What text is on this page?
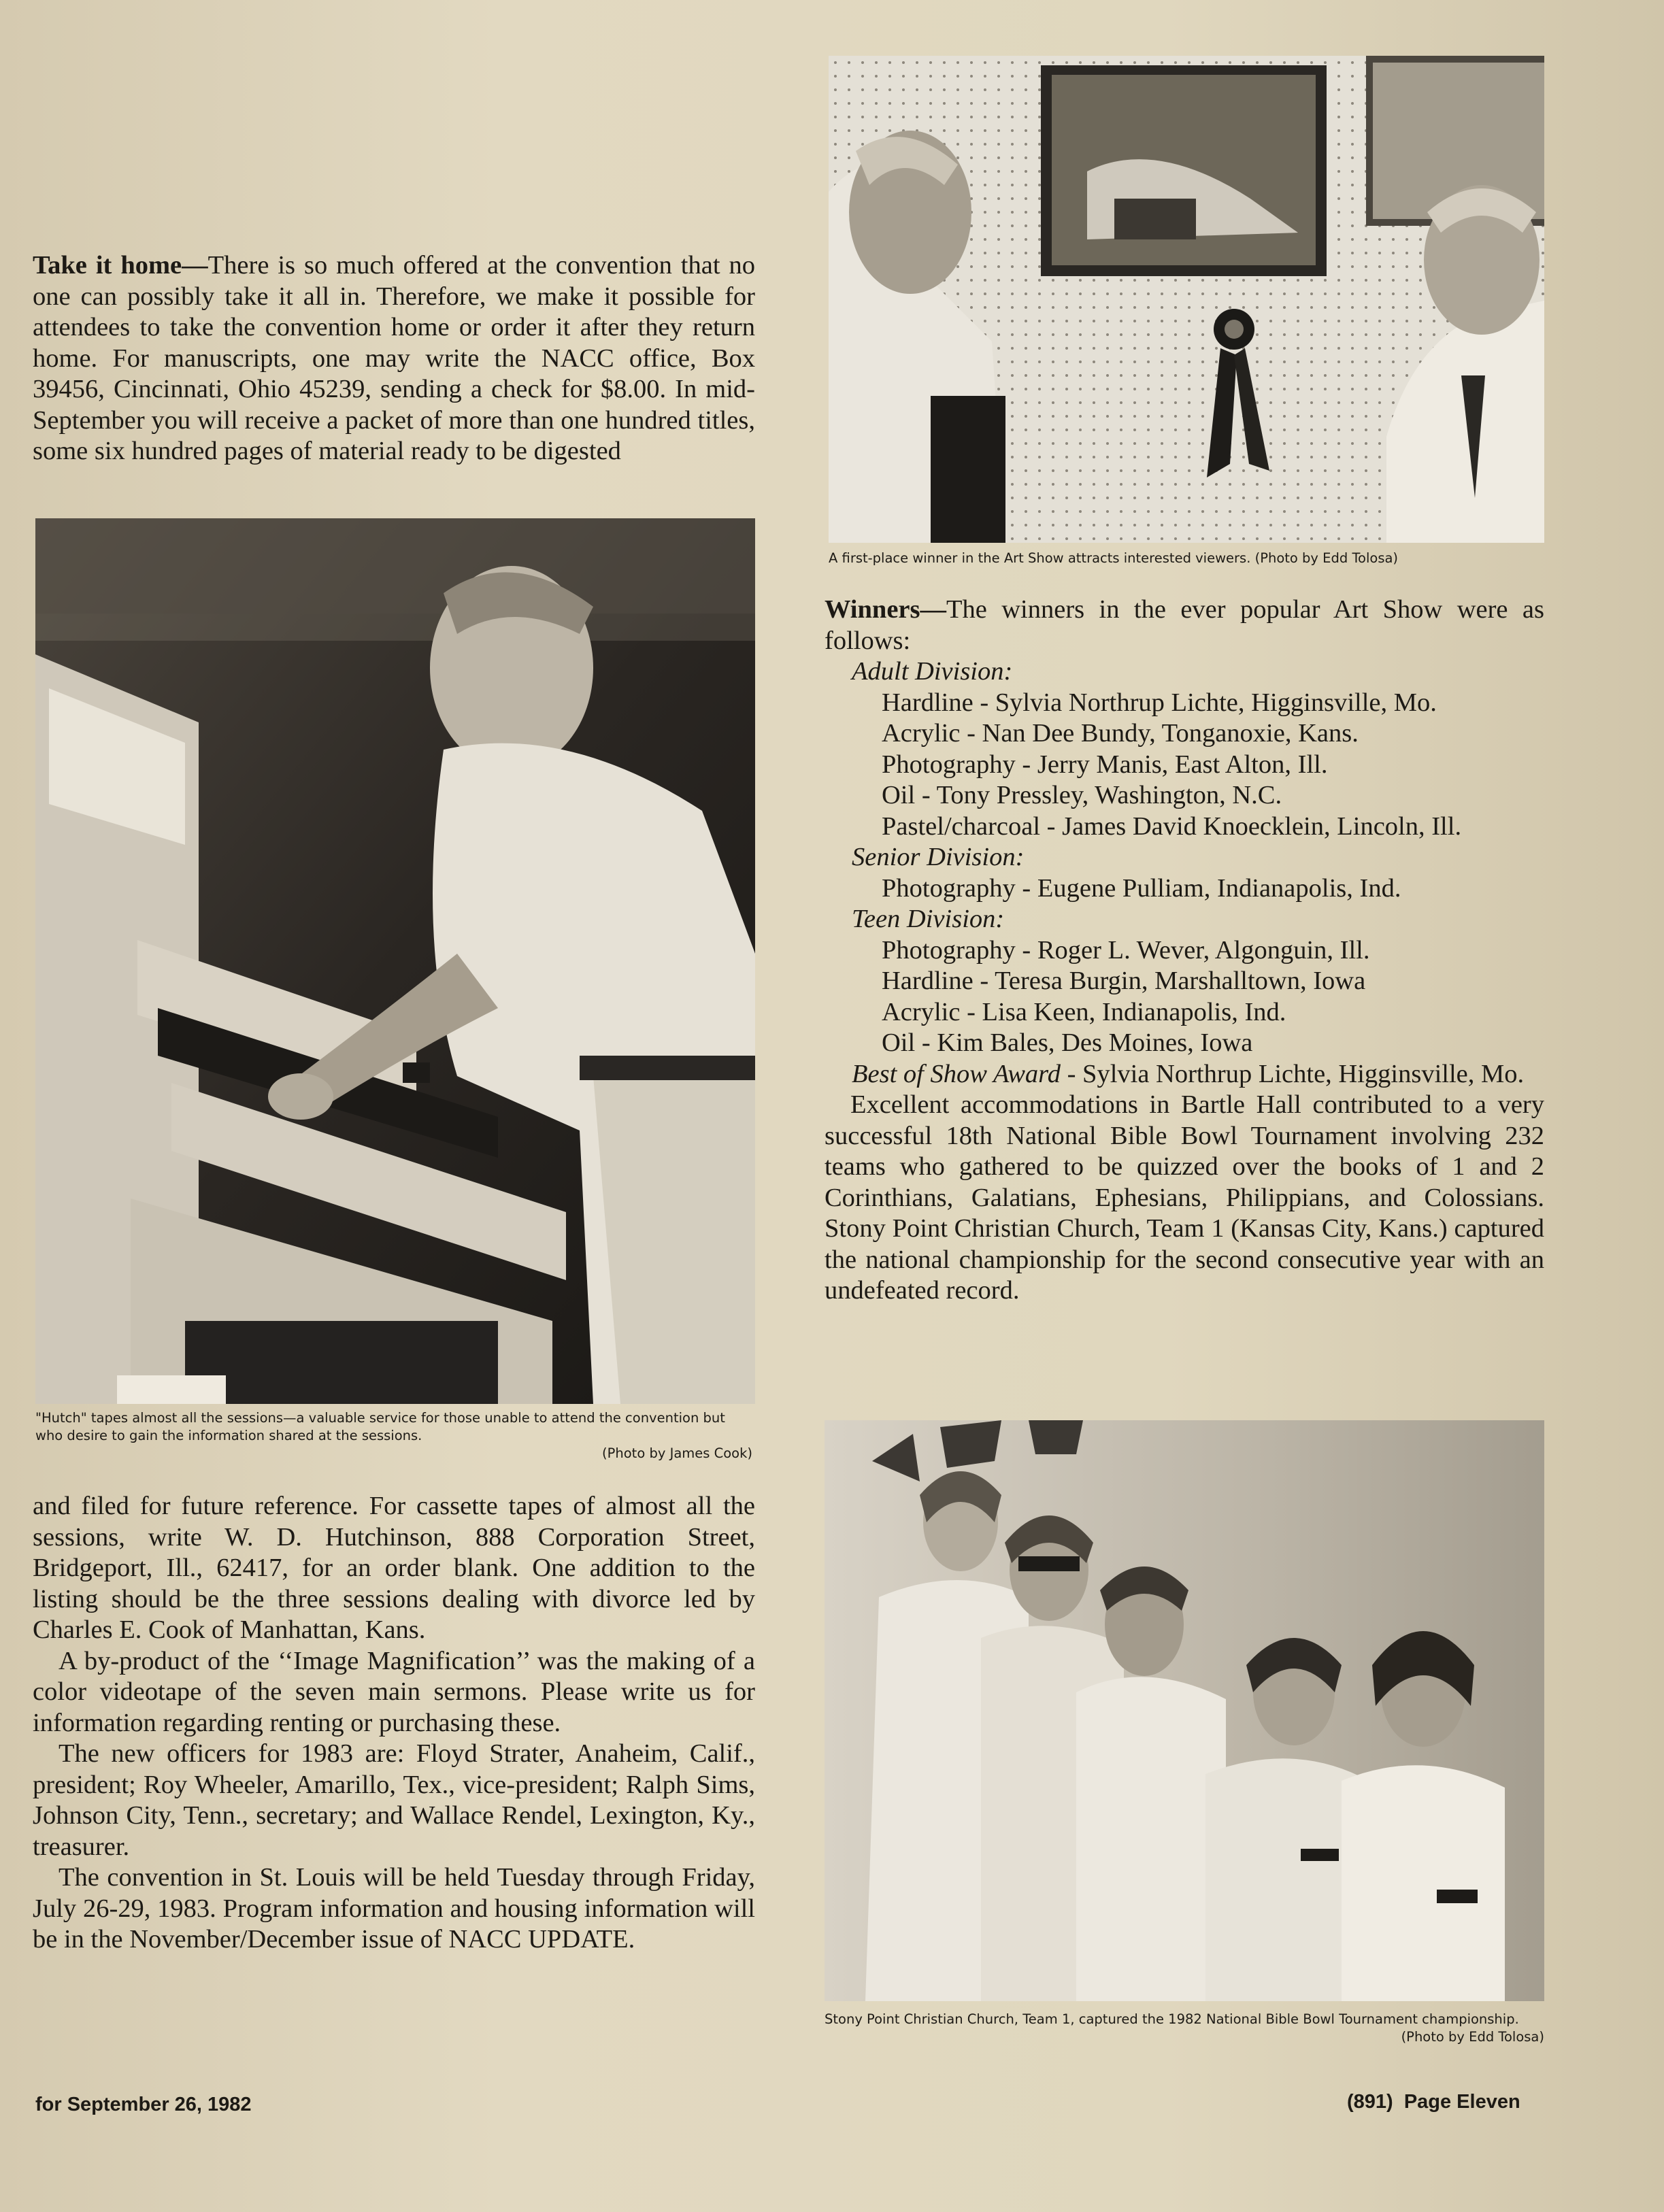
Take it home—There is so much offered at the convention that no one can possibly take it all in. Therefore, we make it possible for attendees to take the convention home or order it after they return home. For manuscripts, one may write the NACC office, Box 39456, Cincinnati, Ohio 45239, sending a check for $8.00. In mid-September you will receive a packet of more than one hundred titles, some six hundred pages of material ready to be digested

"Hutch" tapes almost all the sessions—a valuable service for those unable to attend the convention but who desire to gain the information shared at the sessions.

(Photo by James Cook)

and filed for future reference. For cassette tapes of almost all the sessions, write W. D. Hutchinson, 888 Corporation Street, Bridgeport, Ill., 62417, for an order blank. One addition to the listing should be the three sessions dealing with divorce led by Charles E. Cook of Manhattan, Kans.

A by-product of the ‘‘Image Magnification’’ was the making of a color videotape of the seven main sermons. Please write us for information regarding renting or purchasing these.

The new officers for 1983 are: Floyd Strater, Anaheim, Calif., president; Roy Wheeler, Amarillo, Tex., vice-president; Ralph Sims, Johnson City, Tenn., secretary; and Wallace Rendel, Lexington, Ky., treasurer.

The convention in St. Louis will be held Tuesday through Friday, July 26-29, 1983. Program information and housing information will be in the November/December issue of NACC UPDATE.

A first-place winner in the Art Show attracts interested viewers. (Photo by Edd Tolosa)

Winners—The winners in the ever popular Art Show were as follows:

Adult Division:
Hardline - Sylvia Northrup Lichte, Higginsville, Mo.
Acrylic - Nan Dee Bundy, Tonganoxie, Kans.
Photography - Jerry Manis, East Alton, Ill.
Oil - Tony Pressley, Washington, N.C.
Pastel/charcoal - James David Knoecklein, Lincoln, Ill.
Senior Division:
Photography - Eugene Pulliam, Indianapolis, Ind.
Teen Division:
Photography - Roger L. Wever, Algonguin, Ill.
Hardline - Teresa Burgin, Marshalltown, Iowa
Acrylic - Lisa Keen, Indianapolis, Ind.
Oil - Kim Bales, Des Moines, Iowa

Best of Show Award - Sylvia Northrup Lichte, Higginsville, Mo.

Excellent accommodations in Bartle Hall contributed to a very successful 18th National Bible Bowl Tournament involving 232 teams who gathered to be quizzed over the books of 1 and 2 Corinthians, Galatians, Ephesians, Philippians, and Colossians. Stony Point Christian Church, Team 1 (Kansas City, Kans.) captured the national championship for the second consecutive year with an undefeated record.

Stony Point Christian Church, Team 1, captured the 1982 National Bible Bowl Tournament championship.

(Photo by Edd Tolosa)

for September 26, 1982	(891)  Page Eleven
